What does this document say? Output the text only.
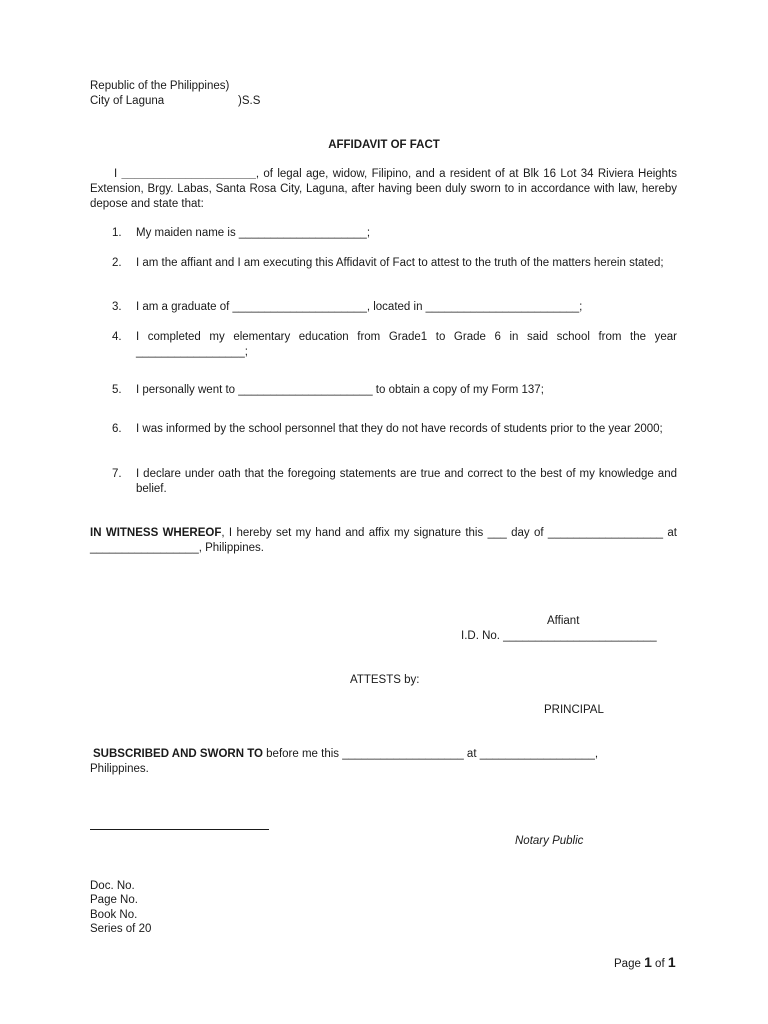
Republic of the Philippines)
City of Laguna	)S.S
AFFIDAVIT OF FACT
I _____________________, of legal age, widow, Filipino, and a resident of at Blk 16 Lot 34 Riviera Heights Extension, Brgy. Labas, Santa Rosa City, Laguna, after having been duly sworn to in accordance with law, hereby depose and state that:
1. My maiden name is ____________________;
2. I am the affiant and I am executing this Affidavit of Fact to attest to the truth of the matters herein stated;
3. I am a graduate of _____________________, located in ________________________;
4. I completed my elementary education from Grade1 to Grade 6 in said school from the year _________________;
5. I personally went to _____________________ to obtain a copy of my Form 137;
6. I was informed by the school personnel that they do not have records of students prior to the year 2000;
7. I declare under oath that the foregoing statements are true and correct to the best of my knowledge and belief.
IN WITNESS WHEREOF, I hereby set my hand and affix my signature this ___ day of __________________ at _________________, Philippines.
Affiant
I.D. No. ________________________
ATTESTS by:
PRINCIPAL
SUBSCRIBED AND SWORN TO before me this ___________________ at __________________,
Philippines.
Notary Public
Doc. No.
Page No.
Book No.
Series of 20
Page 1 of 1
